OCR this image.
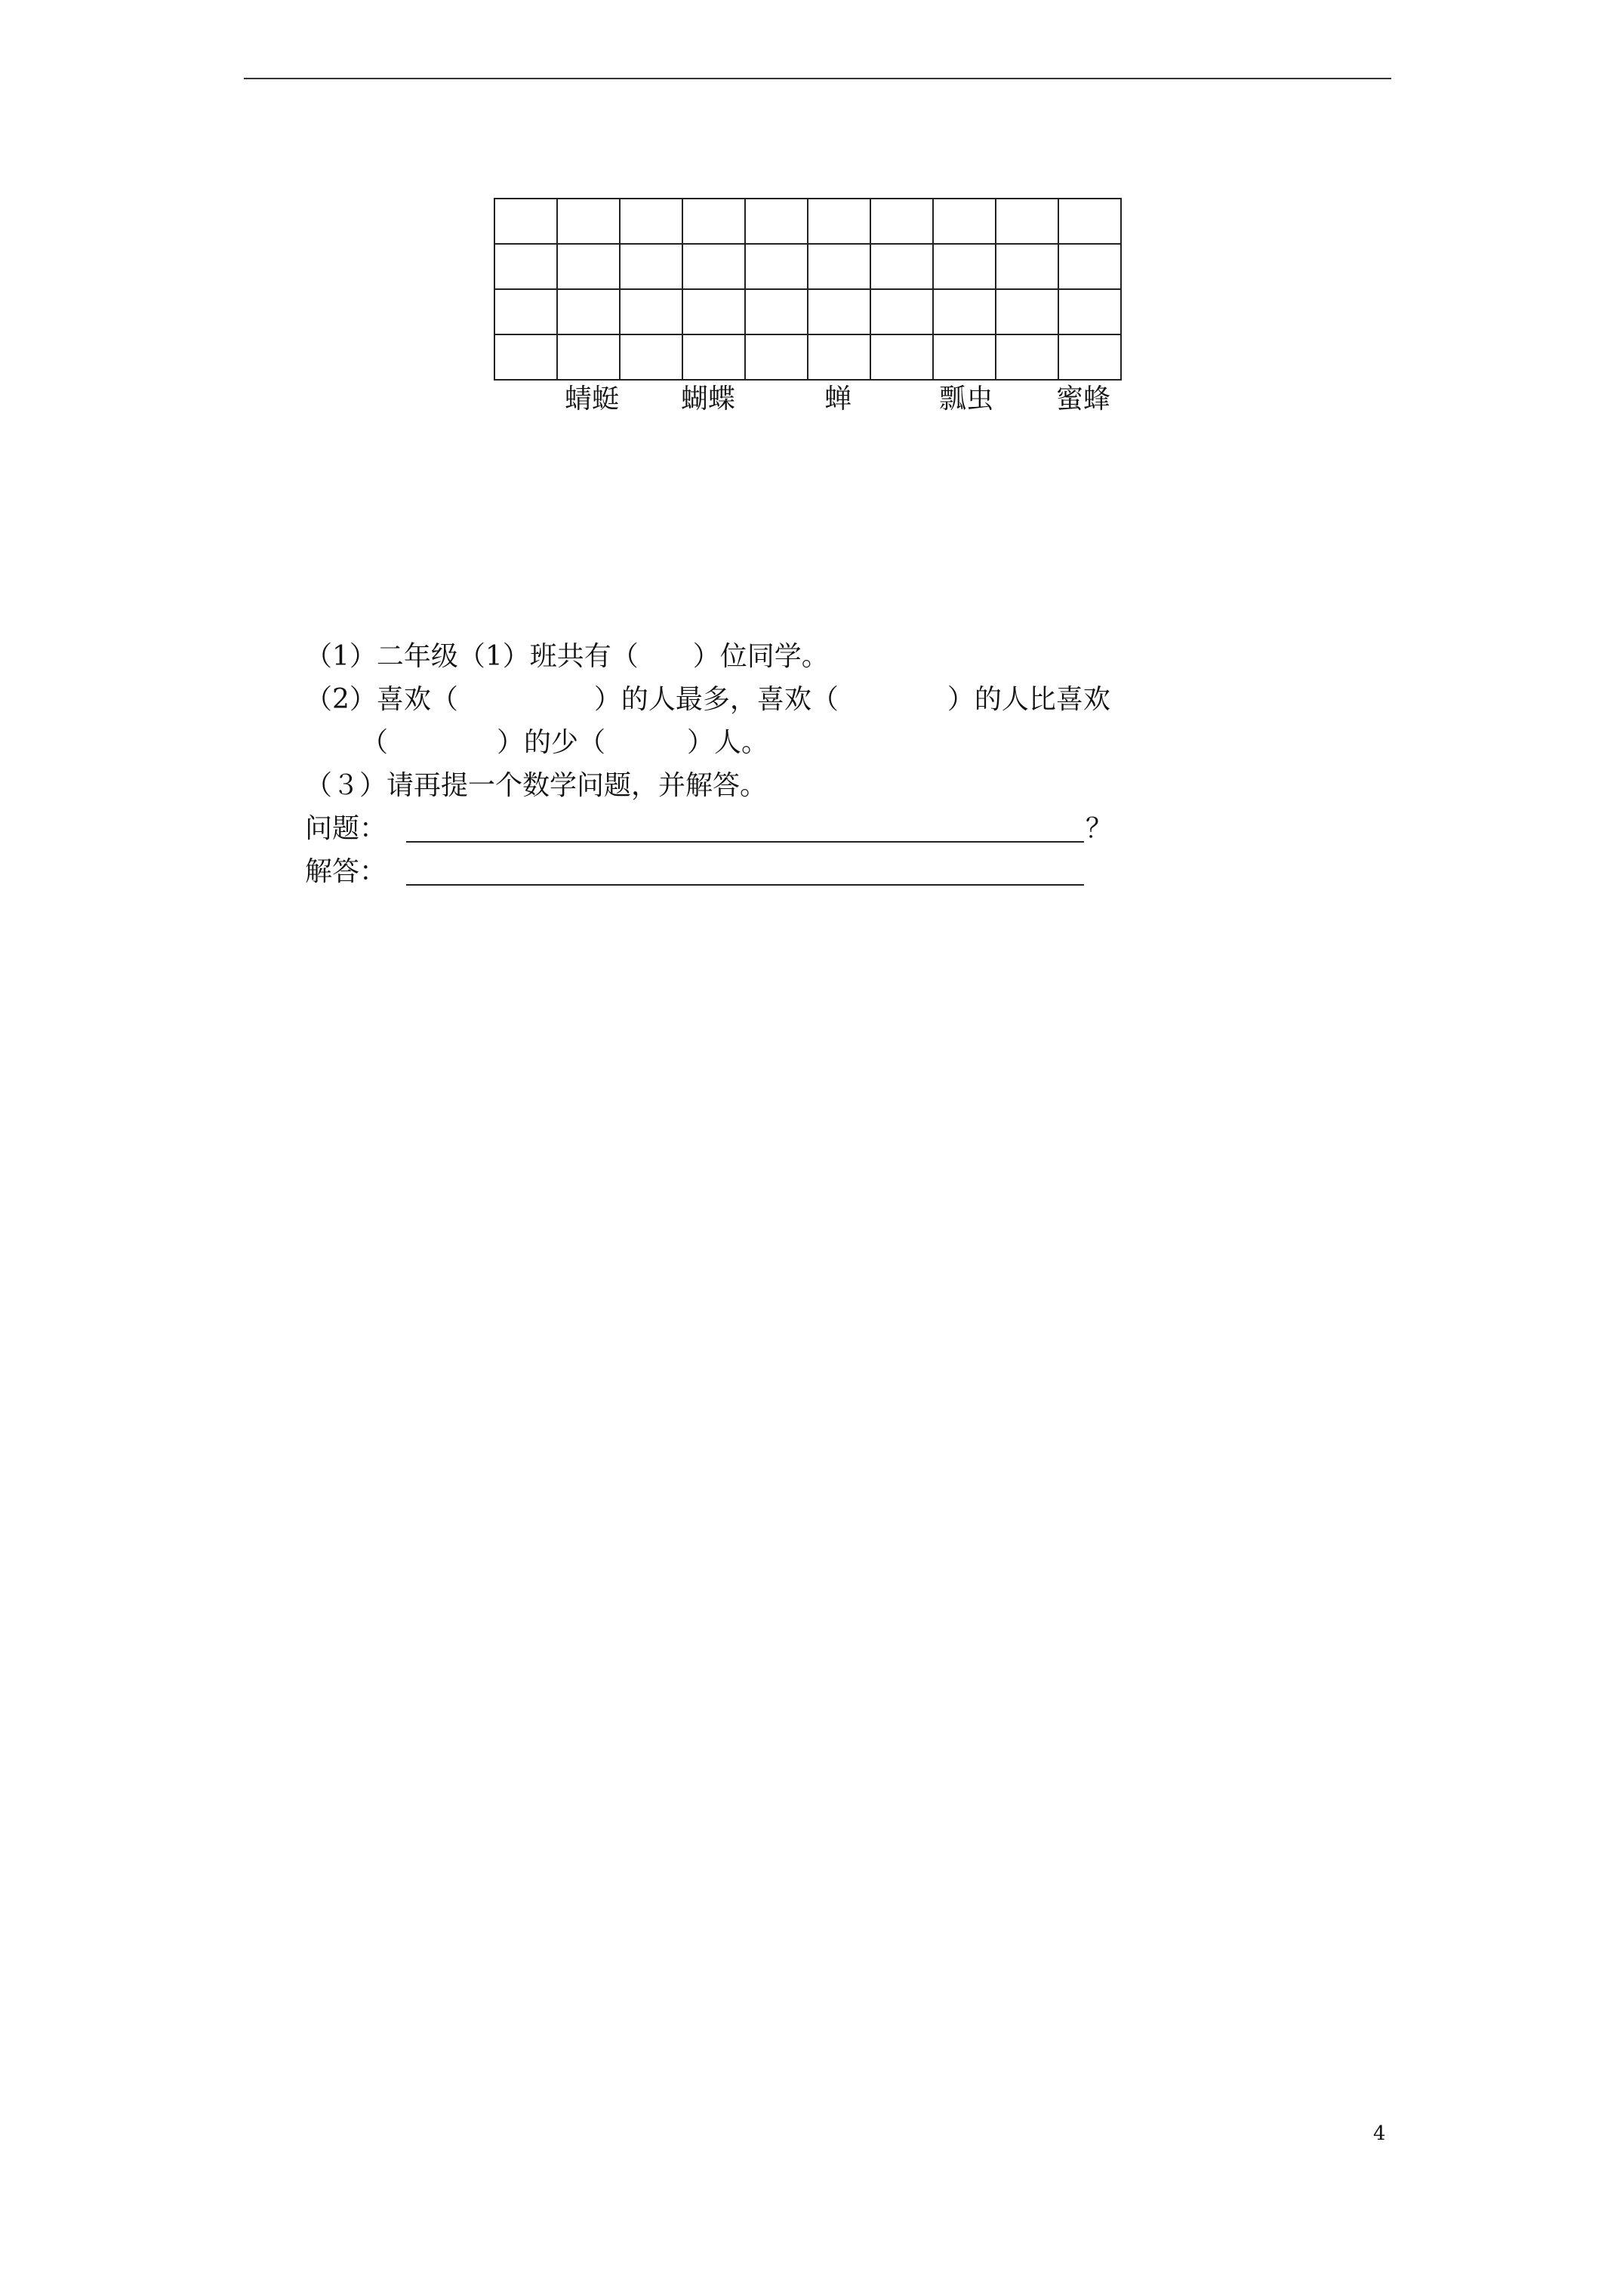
蜻蜓 蝴蝶	蝉	瓢虫 蜜蜂
（1）二年级（1）班共有（　　）位同学。
（2）喜欢（　　　　　）的人最多，喜欢（　　　　）的人比喜欢
（　　　　）的少（　　　）人。
（３）请再提一个数学问题，并解答。
问题：	？
解答：
4
